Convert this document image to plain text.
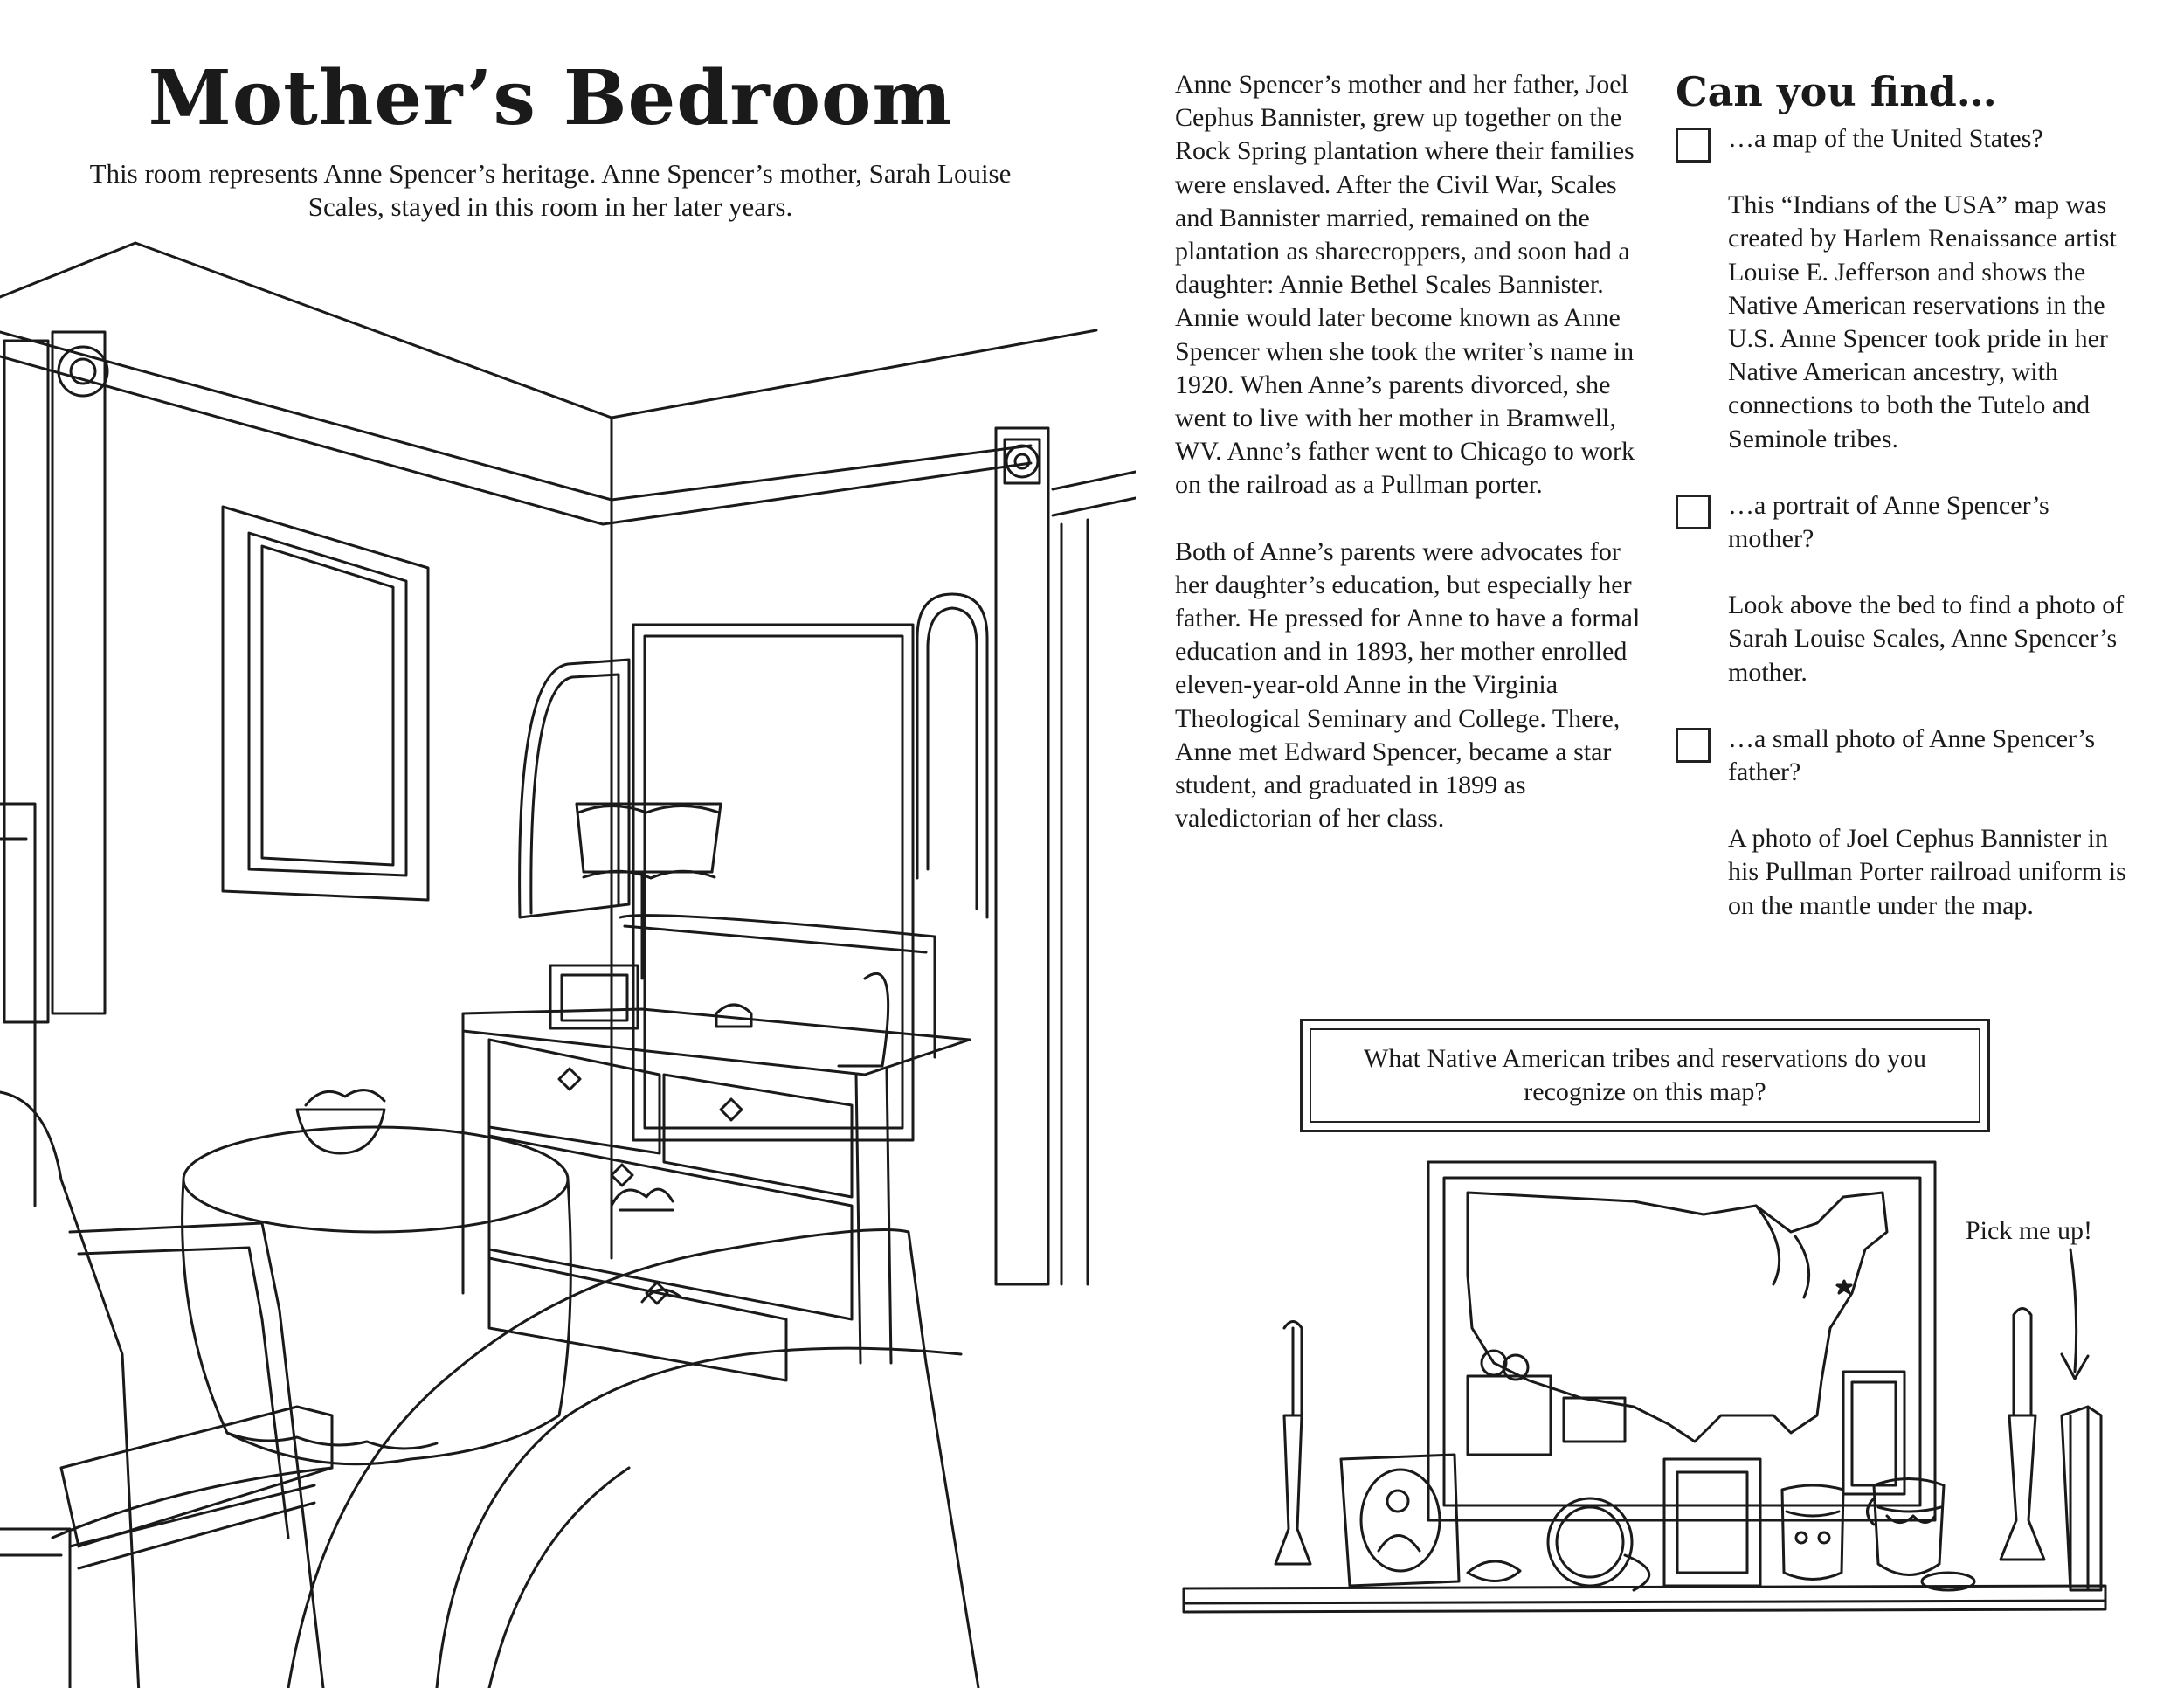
Mother’s Bedroom

This room represents Anne Spencer’s heritage. Anne Spencer’s mother, Sarah Louise Scales, stayed in this room in her later years.

Anne Spencer’s mother and her father, Joel Cephus Bannister, grew up together on the Rock Spring plantation where their families were enslaved. After the Civil War, Scales and Bannister married, remained on the plantation as sharecroppers, and soon had a daughter: Annie Bethel Scales Bannister. Annie would later become known as Anne Spencer when she took the writer’s name in 1920. When Anne’s parents divorced, she went to live with her mother in Bramwell, WV. Anne’s father went to Chicago to work on the railroad as a Pullman porter.

Both of Anne’s parents were advocates for her daughter’s education, but especially her father. He pressed for Anne to have a formal education and in 1893, her mother enrolled eleven-year-old Anne in the Virginia Theological Seminary and College. There, Anne met Edward Spencer, became a star student, and graduated in 1899 as valedictorian of her class.

Can you find…
…a map of the United States?
This “Indians of the USA” map was created by Harlem Renaissance artist Louise E. Jefferson and shows the Native American reservations in the U.S. Anne Spencer took pride in her Native American ancestry, with connections to both the Tutelo and Seminole tribes.
…a portrait of Anne Spencer’s mother?
Look above the bed to find a photo of Sarah Louise Scales, Anne Spencer’s mother.
…a small photo of Anne Spencer’s father?
A photo of Joel Cephus Bannister in his Pullman Porter railroad uniform is on the mantle under the map.
What Native American tribes and reservations do you recognize on this map?
Pick me up!
